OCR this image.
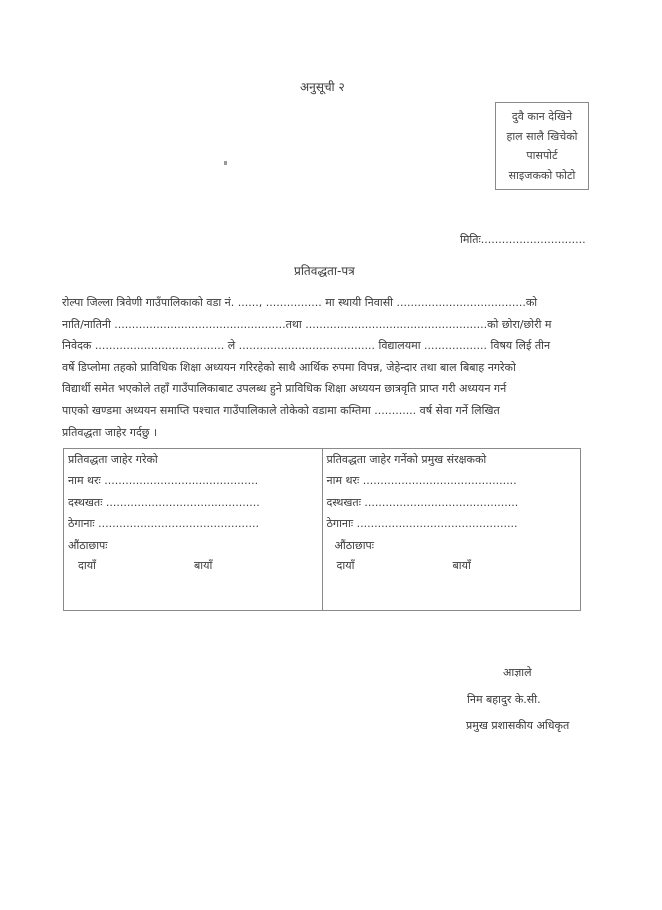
अनुसूची २
दुवै कान देखिने
हाल सालै खिचेको
पासपोर्ट
साइजकको फोटो
मितिः..............................
प्रतिवद्धता-पत्र
रोल्पा जिल्ला त्रिवेणी गाउँपालिकाको वडा नं. ......, ................ मा स्थायी निवासी .....................................को
नाति/नातिनी .................................................तथा ....................................................को छोरा/छोरी म
निवेदक ..................................... ले ....................................... विद्यालयमा .................. विषय लिई तीन
वर्षे डिप्लोमा तहको प्राविधिक शिक्षा अध्ययन गरिरहेको साथै आर्थिक रुपमा विपन्न, जेहेन्दार तथा बाल बिबाह नगरेको
विद्यार्थी समेत भएकोले तहाँ गाउँपालिकाबाट उपलब्ध हुने प्राविधिक शिक्षा अध्ययन छात्रवृति प्राप्त गरी अध्ययन गर्न
पाएको खण्डमा अध्ययन समाप्ति पश्चात गाउँपालिकाले तोकेको वडामा कम्तिमा ............ वर्ष सेवा गर्ने लिखित
प्रतिवद्धता जाहेर गर्दछु ।
प्रतिवद्धता जाहेर गरेको
नाम थरः ............................................
दस्थखतः ............................................
ठेगानाः ..............................................
औंठाछापः
दायाँ	बायाँ
प्रतिवद्धता जाहेर गर्नेको प्रमुख संरक्षकको
नाम थरः ............................................
दस्थखतः ............................................
ठेगानाः ..............................................
औंठाछापः
दायाँ	बायाँ
आज्ञाले
निम बहादुर के.सी.
प्रमुख प्रशासकीय अधिकृत
